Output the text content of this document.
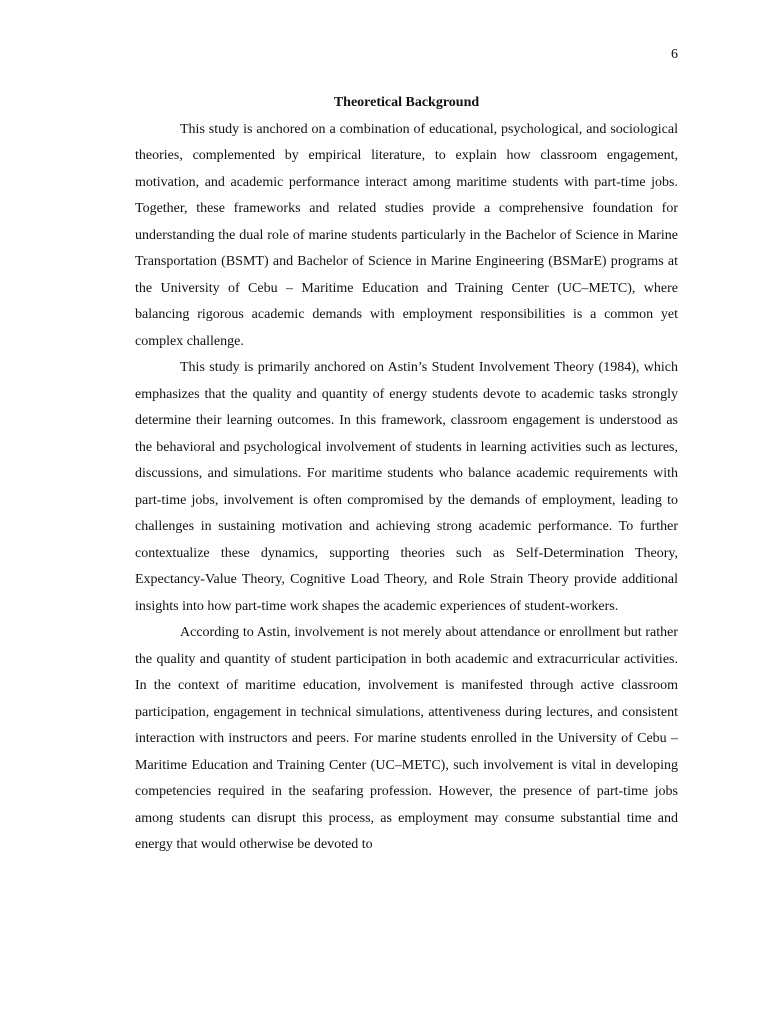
6

Theoretical Background

This study is anchored on a combination of educational, psychological, and sociological theories, complemented by empirical literature, to explain how classroom engagement, motivation, and academic performance interact among maritime students with part-time jobs. Together, these frameworks and related studies provide a comprehensive foundation for understanding the dual role of marine students particularly in the Bachelor of Science in Marine Transportation (BSMT) and Bachelor of Science in Marine Engineering (BSMarE) programs at the University of Cebu – Maritime Education and Training Center (UC–METC), where balancing rigorous academic demands with employment responsibilities is a common yet complex challenge.

This study is primarily anchored on Astin’s Student Involvement Theory (1984), which emphasizes that the quality and quantity of energy students devote to academic tasks strongly determine their learning outcomes. In this framework, classroom engagement is understood as the behavioral and psychological involvement of students in learning activities such as lectures, discussions, and simulations. For maritime students who balance academic requirements with part-time jobs, involvement is often compromised by the demands of employment, leading to challenges in sustaining motivation and achieving strong academic performance. To further contextualize these dynamics, supporting theories such as Self-Determination Theory, Expectancy-Value Theory, Cognitive Load Theory, and Role Strain Theory provide additional insights into how part-time work shapes the academic experiences of student-workers.

According to Astin, involvement is not merely about attendance or enrollment but rather the quality and quantity of student participation in both academic and extracurricular activities. In the context of maritime education, involvement is manifested through active classroom participation, engagement in technical simulations, attentiveness during lectures, and consistent interaction with instructors and peers. For marine students enrolled in the University of Cebu – Maritime Education and Training Center (UC–METC), such involvement is vital in developing competencies required in the seafaring profession. However, the presence of part-time jobs among students can disrupt this process, as employment may consume substantial time and energy that would otherwise be devoted to
